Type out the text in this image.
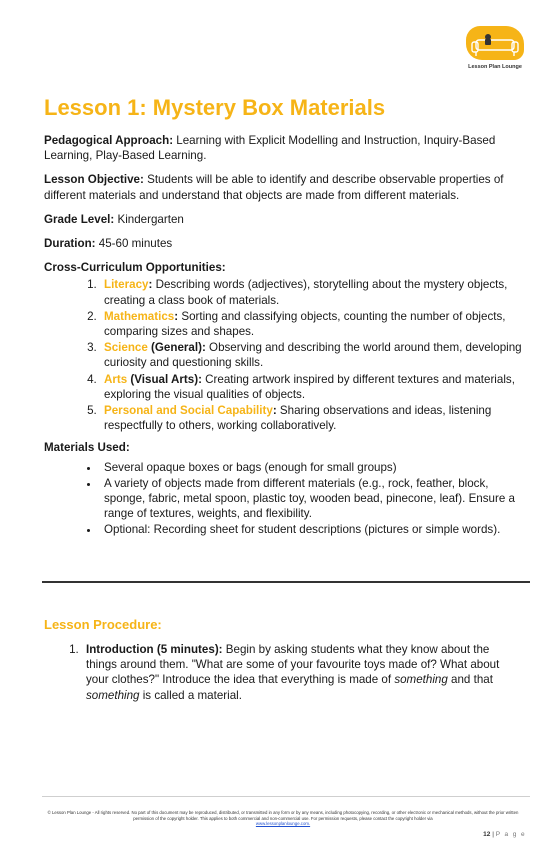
Lesson Plan Lounge
Lesson 1: Mystery Box Materials

Pedagogical Approach: Learning with Explicit Modelling and Instruction, Inquiry-Based Learning, Play-Based Learning.

Lesson Objective: Students will be able to identify and describe observable properties of different materials and understand that objects are made from different materials.

Grade Level: Kindergarten

Duration: 45-60 minutes

Cross-Curriculum Opportunities:

1. Literacy: Describing words (adjectives), storytelling about the mystery objects, creating a class book of materials.
2. Mathematics: Sorting and classifying objects, counting the number of objects, comparing sizes and shapes.
3. Science (General): Observing and describing the world around them, developing curiosity and questioning skills.
4. Arts (Visual Arts): Creating artwork inspired by different textures and materials, exploring the visual qualities of objects.
5. Personal and Social Capability: Sharing observations and ideas, listening respectfully to others, working collaboratively.

Materials Used:

• Several opaque boxes or bags (enough for small groups)
• A variety of objects made from different materials (e.g., rock, feather, block, sponge, fabric, metal spoon, plastic toy, wooden bead, pinecone, leaf). Ensure a range of textures, weights, and flexibility.
• Optional: Recording sheet for student descriptions (pictures or simple words).
Lesson Procedure:
1. Introduction (5 minutes): Begin by asking students what they know about the things around them. "What are some of your favourite toys made of? What about your clothes?" Introduce the idea that everything is made of something and that something is called a material.
© Lesson Plan Lounge - All rights reserved. No part of this document may be reproduced, distributed, or transmitted in any form or by any means, including photocopying, recording, or other electronic or mechanical methods, without the prior written permission of the copyright holder. This applies to both commercial and non-commercial use. For permission requests, please contact the copyright holder via
www.lessonplanlounge.com.
12 | P a g e
